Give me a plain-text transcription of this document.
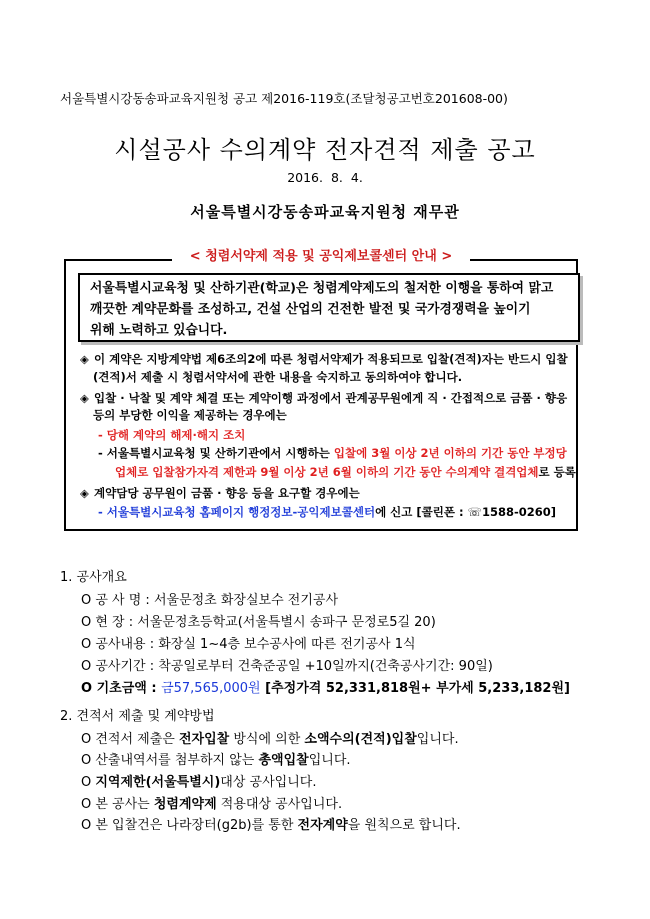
서울특별시강동송파교육지원청 공고 제2016-119호(조달청공고번호201608-00)
시설공사 수의계약 전자견적 제출 공고
2016. 8. 4.
서울특별시강동송파교육지원청 재무관
< 청렴서약제 적용 및 공익제보콜센터 안내 >
서울특별시교육청 및 산하기관(학교)은 청렴계약제도의 철저한 이행을 통하여 맑고
깨끗한 계약문화를 조성하고, 건설 산업의 건전한 발전 및 국가경쟁력을 높이기
위해 노력하고 있습니다.
◈ 이 계약은 지방계약법 제6조의2에 따른 청렴서약제가 적용되므로 입찰(견적)자는 반드시 입찰
(견적)서 제출 시 청렴서약서에 관한 내용을 숙지하고 동의하여야 합니다.
◈ 입찰 · 낙찰 및 계약 체결 또는 계약이행 과정에서 관계공무원에게 직 · 간접적으로 금품 · 향응
등의 부당한 이익을 제공하는 경우에는
- 당해 계약의 해제·해지 조치
- 서울특별시교육청 및 산하기관에서 시행하는 입찰에 3월 이상 2년 이하의 기간 동안 부정당
업체로 입찰참가자격 제한과 9월 이상 2년 6월 이하의 기간 동안 수의계약 결격업체로 등록
◈ 계약담당 공무원이 금품 · 향응 등을 요구할 경우에는
- 서울특별시교육청 홈페이지 행정정보-공익제보콜센터에 신고 [콜린폰 : ☏1588-0260]
1. 공사개요
O 공 사 명 : 서울문정초 화장실보수 전기공사
O 현 장 : 서울문정초등학교(서울특별시 송파구 문정로5길 20)
O 공사내용 : 화장실 1~4층 보수공사에 따른 전기공사 1식
O 공사기간 : 착공일로부터 건축준공일 +10일까지(건축공사기간: 90일)
O 기초금액 : 금57,565,000원 [추정가격 52,331,818원+ 부가세 5,233,182원]
2. 견적서 제출 및 계약방법
O 견적서 제출은 전자입찰 방식에 의한 소액수의(견적)입찰입니다.
O 산출내역서를 첨부하지 않는 총액입찰입니다.
O 지역제한(서울특별시)대상 공사입니다.
O 본 공사는 청렴계약제 적용대상 공사입니다.
O 본 입찰건은 나라장터(g2b)를 통한 전자계약을 원칙으로 합니다.
